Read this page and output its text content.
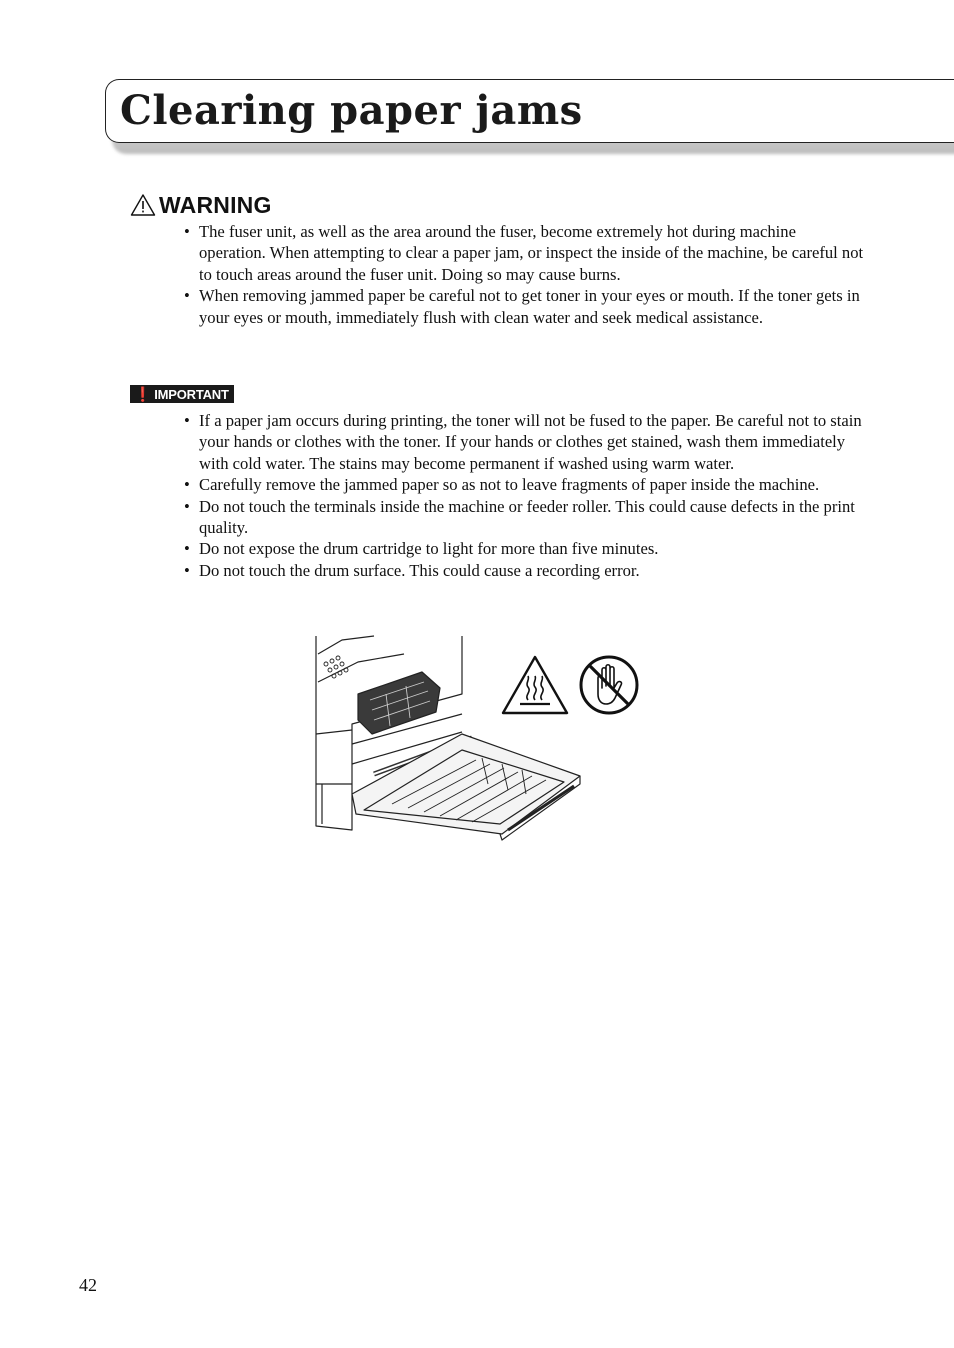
Clearing paper jams
WARNING
• The fuser unit, as well as the area around the fuser, become extremely hot during machine operation. When attempting to clear a paper jam, or inspect the inside of the machine, be careful not to touch areas around the fuser unit. Doing so may cause burns.
• When removing jammed paper be careful not to get toner in your eyes or mouth. If the toner gets in your eyes or mouth, immediately flush with clean water and seek medical assistance.
❗ IMPORTANT
• If a paper jam occurs during printing, the toner will not be fused to the paper. Be careful not to stain your hands or clothes with the toner. If your hands or clothes get stained, wash them immediately with cold water. The stains may become permanent if washed using warm water.
• Carefully remove the jammed paper so as not to leave fragments of paper inside the machine.
• Do not touch the terminals inside the machine or feeder roller. This could cause defects in the print quality.
• Do not expose the drum cartridge to light for more than five minutes.
• Do not touch the drum surface. This could cause a recording error.
42
